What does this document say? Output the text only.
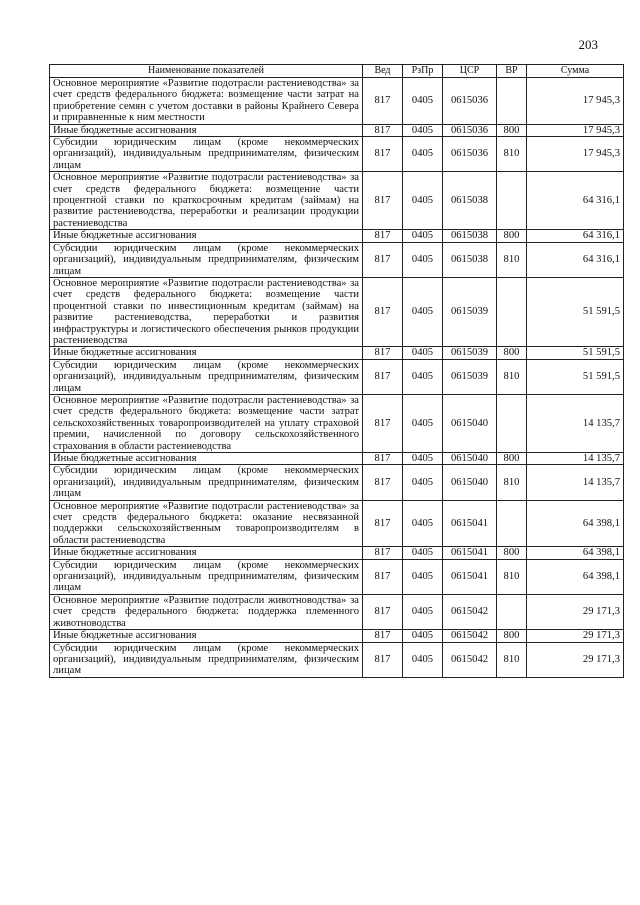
203
Наименование показателей	Вед	РзПр	ЦСР	ВР	Сумма
Основное мероприятие «Развитие подотрасли растениеводства» за счет средств федерального бюджета: возмещение части затрат на приобретение семян с учетом доставки в районы Крайнего Севера и приравненные к ним местности	817	0405	0615036		17 945,3
Иные бюджетные ассигнования	817	0405	0615036	800	17 945,3
Субсидии юридическим лицам (кроме некоммерческих организаций), индивидуальным предпринимателям, физическим лицам	817	0405	0615036	810	17 945,3
Основное мероприятие «Развитие подотрасли растениеводства» за счет средств федерального бюджета: возмещение части процентной ставки по краткосрочным кредитам (займам) на развитие растениеводства, переработки и реализации продукции растениеводства	817	0405	0615038		64 316,1
Иные бюджетные ассигнования	817	0405	0615038	800	64 316,1
Субсидии юридическим лицам (кроме некоммерческих организаций), индивидуальным предпринимателям, физическим лицам	817	0405	0615038	810	64 316,1
Основное мероприятие «Развитие подотрасли растениеводства» за счет средств федерального бюджета: возмещение части процентной ставки по инвестиционным кредитам (займам) на развитие растениеводства, переработки и развития инфраструктуры и логистического обеспечения рынков продукции растениеводства	817	0405	0615039		51 591,5
Иные бюджетные ассигнования	817	0405	0615039	800	51 591,5
Субсидии юридическим лицам (кроме некоммерческих организаций), индивидуальным предпринимателям, физическим лицам	817	0405	0615039	810	51 591,5
Основное мероприятие «Развитие подотрасли растениеводства» за счет средств федерального бюджета: возмещение части затрат сельскохозяйственных товаропроизводителей на уплату страховой премии, начисленной по договору сельскохозяйственного страхования в области растениеводства	817	0405	0615040		14 135,7
Иные бюджетные ассигнования	817	0405	0615040	800	14 135,7
Субсидии юридическим лицам (кроме некоммерческих организаций), индивидуальным предпринимателям, физическим лицам	817	0405	0615040	810	14 135,7
Основное мероприятие «Развитие подотрасли растениеводства» за счет средств федерального бюджета: оказание несвязанной поддержки сельскохозяйственным товаропроизводителям в области растениеводства	817	0405	0615041		64 398,1
Иные бюджетные ассигнования	817	0405	0615041	800	64 398,1
Субсидии юридическим лицам (кроме некоммерческих организаций), индивидуальным предпринимателям, физическим лицам	817	0405	0615041	810	64 398,1
Основное мероприятие «Развитие подотрасли животноводства» за счет средств федерального бюджета: поддержка племенного животноводства	817	0405	0615042		29 171,3
Иные бюджетные ассигнования	817	0405	0615042	800	29 171,3
Субсидии юридическим лицам (кроме некоммерческих организаций), индивидуальным предпринимателям, физическим лицам	817	0405	0615042	810	29 171,3
